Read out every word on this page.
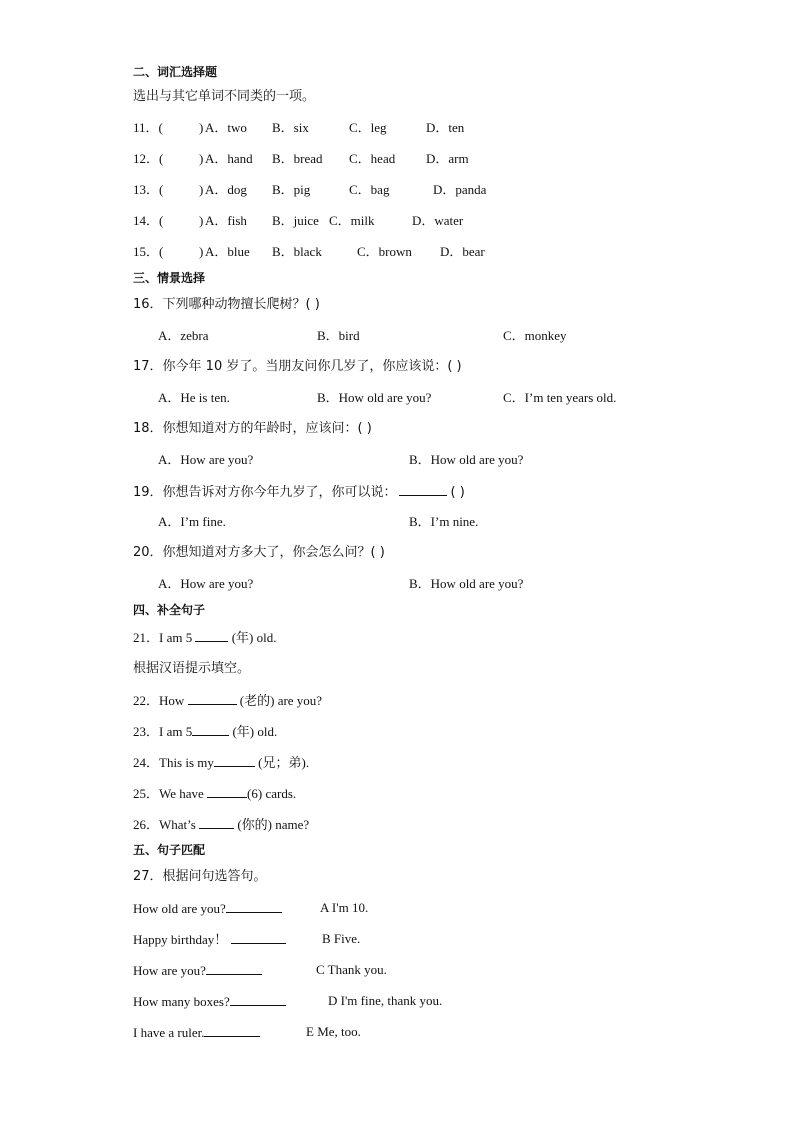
二、词汇选择题
选出与其它单词不同类的一项。
11．(	) A．two B．six	C．leg	D．ten
12．(	) A．hand B．bread C．head D．arm
13．(	) A．dog B．pig	C．bag	D．panda
14．(	) A．fish B．juice C．milk	D．water
15．(	) A．blue B．black	C．brown D．bear
三、情景选择
16．下列哪种动物擅长爬树？( )
A．zebra	B．bird	C．monkey
17．你今年 10 岁了。当朋友问你几岁了，你应该说：( )
A．He is ten.	B．How old are you?	C．I’m ten years old.
18．你想知道对方的年龄时，应该问：( )
A．How are you?	B．How old are you?
19．你想告诉对方你今年九岁了，你可以说：	( )
A．I’m fine.	B．I’m nine.
20．你想知道对方多大了，你会怎么问？( )
A．How are you?	B．How old are you?
四、补全句子
21．I am 5	(年) old.
根据汉语提示填空。
22．How	(老的) are you?
23．I am 5	(年) old.
24．This is my	(兄；弟).
25．We have	(6) cards.
26．What’s	(你的) name?
五、句子匹配
27．根据问句选答句。
How old are you?	A I'm 10.
Happy birthday！	B Five.
How are you?	C Thank you.
How many boxes?	D I'm fine, thank you.
I have a ruler.	E Me, too.
